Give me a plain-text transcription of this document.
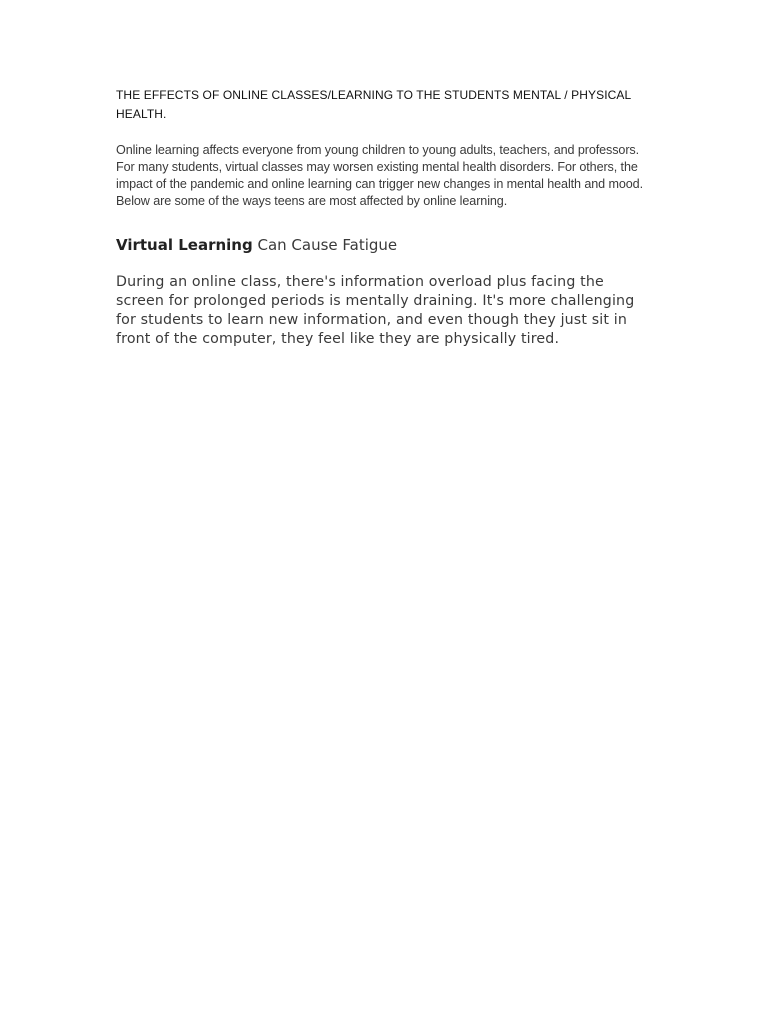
THE EFFECTS OF ONLINE CLASSES/LEARNING TO THE STUDENTS MENTAL / PHYSICAL HEALTH.

Online learning affects everyone from young children to young adults, teachers, and professors. For many students, virtual classes may worsen existing mental health disorders. For others, the impact of the pandemic and online learning can trigger new changes in mental health and mood. Below are some of the ways teens are most affected by online learning.

Virtual Learning Can Cause Fatigue

During an online class, there's information overload plus facing the screen for prolonged periods is mentally draining. It's more challenging for students to learn new information, and even though they just sit in front of the computer, they feel like they are physically tired.
